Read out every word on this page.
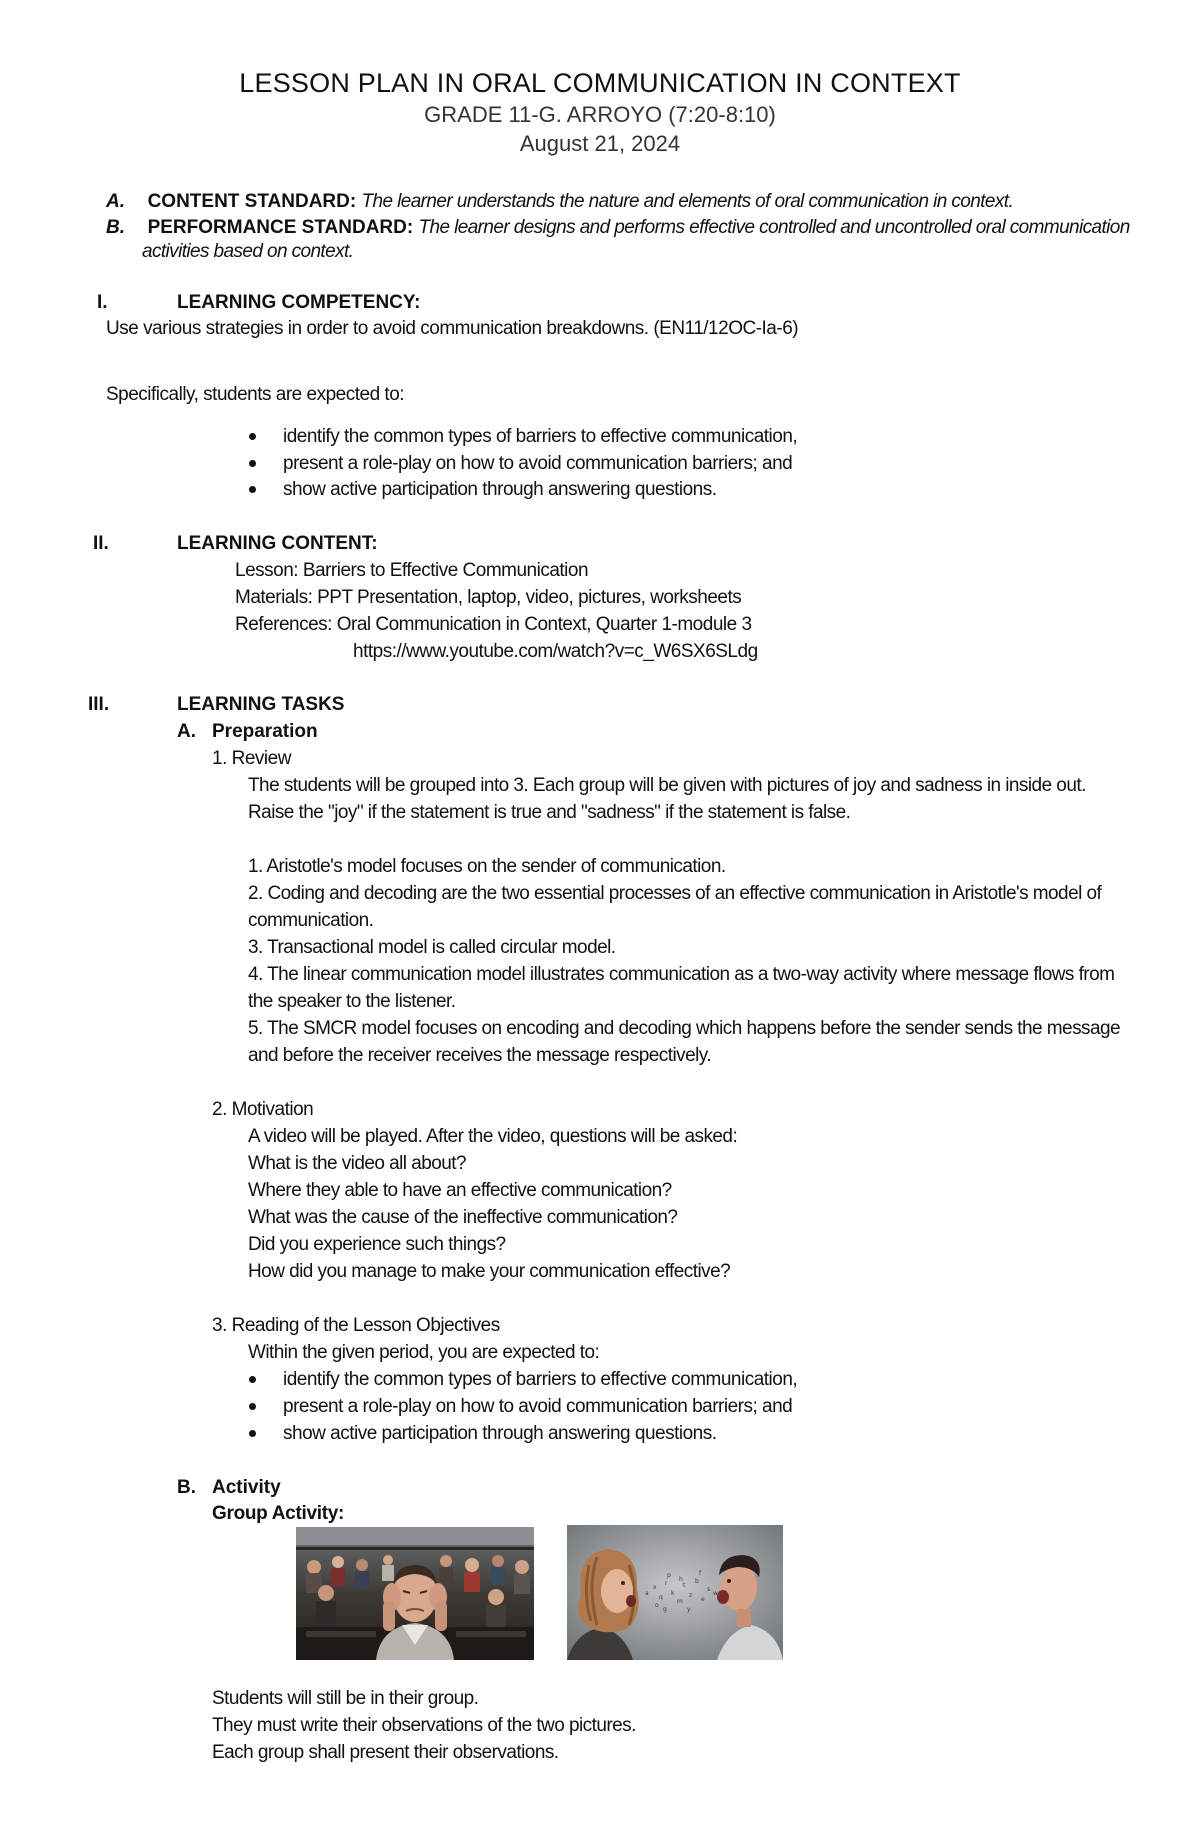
LESSON PLAN IN ORAL COMMUNICATION IN CONTEXT
GRADE 11-G. ARROYO (7:20-8:10)
August 21, 2024
A. CONTENT STANDARD: The learner understands the nature and elements of oral communication in context.
B. PERFORMANCE STANDARD: The learner designs and performs effective controlled and uncontrolled oral communication
activities based on context.
I.	LEARNING COMPETENCY:
Use various strategies in order to avoid communication breakdowns. (EN11/12OC-Ia-6)
Specifically, students are expected to:
identify the common types of barriers to effective communication,
present a role-play on how to avoid communication barriers; and
show active participation through answering questions.
II.	LEARNING CONTENT:
Lesson: Barriers to Effective Communication
Materials: PPT Presentation, laptop, video, pictures, worksheets
References: Oral Communication in Context, Quarter 1-module 3
https://www.youtube.com/watch?v=c_W6SX6SLdg
III.	LEARNING TASKS
A. Preparation
1. Review
The students will be grouped into 3. Each group will be given with pictures of joy and sadness in inside out.
Raise the "joy" if the statement is true and "sadness" if the statement is false.
1. Aristotle's model focuses on the sender of communication.
2. Coding and decoding are the two essential processes of an effective communication in Aristotle's model of
communication.
3. Transactional model is called circular model.
4. The linear communication model illustrates communication as a two-way activity where message flows from
the speaker to the listener.
5. The SMCR model focuses on encoding and decoding which happens before the sender sends the message
and before the receiver receives the message respectively.
2. Motivation
A video will be played. After the video, questions will be asked:
What is the video all about?
Where they able to have an effective communication?
What was the cause of the ineffective communication?
Did you experience such things?
How did you manage to make your communication effective?
3. Reading of the Lesson Objectives
Within the given period, you are expected to:
identify the common types of barriers to effective communication,
present a role-play on how to avoid communication barriers; and
show active participation through answering questions.
B. Activity
Group Activity:
a
x
q
r
k
m
t
z
b
e
s
w
o
p
y
f
h
g
Students will still be in their group.
They must write their observations of the two pictures.
Each group shall present their observations.
